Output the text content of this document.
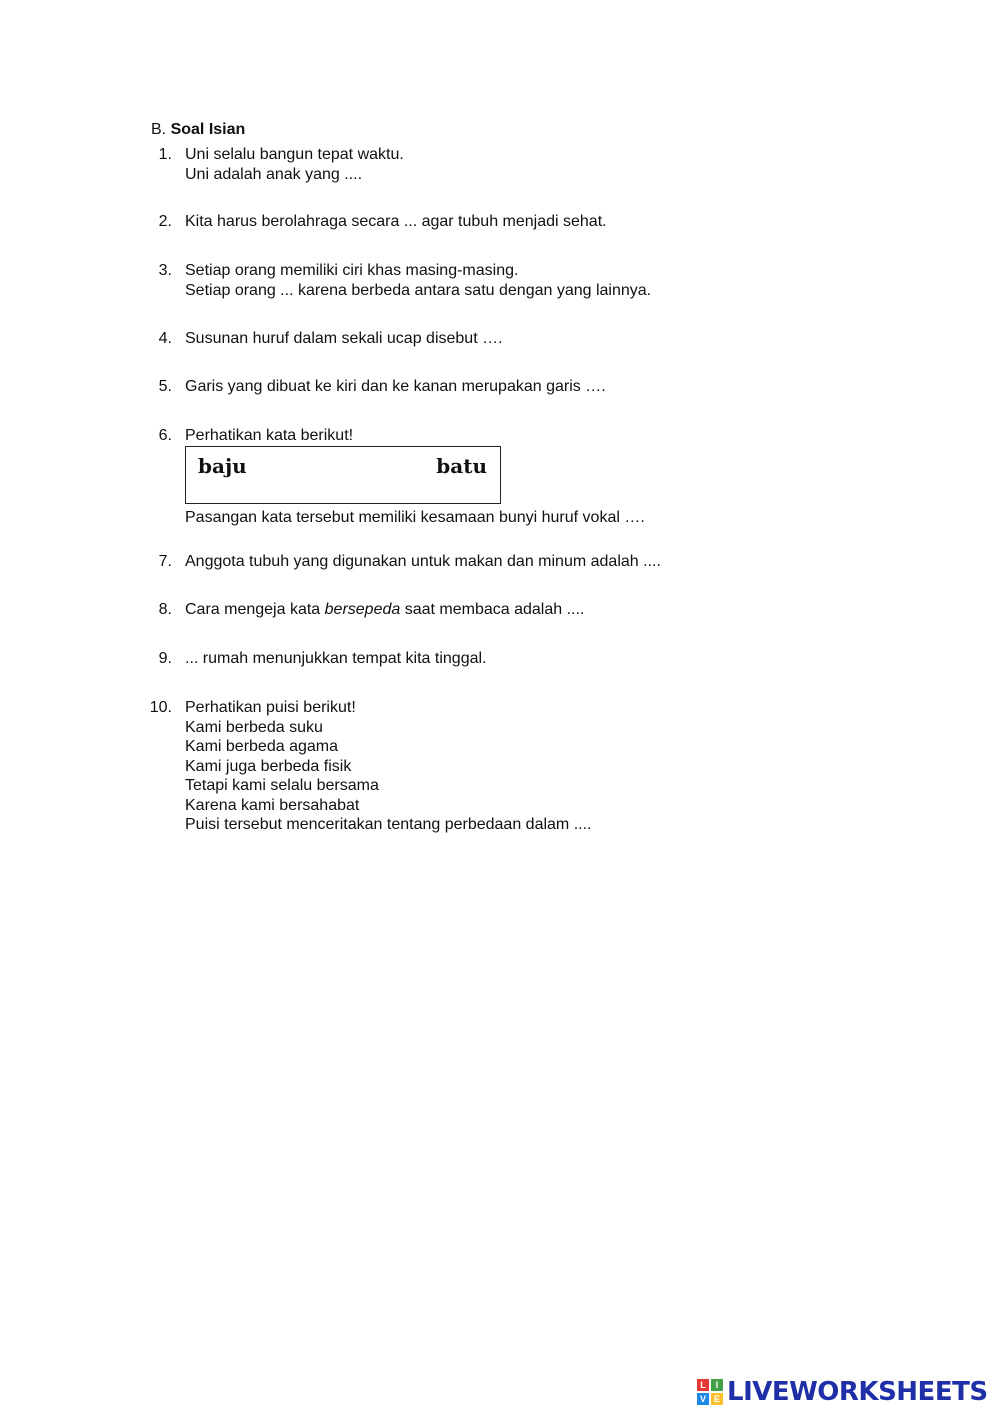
B. Soal Isian
1. Uni selalu bangun tepat waktu.
Uni adalah anak yang ....
2. Kita harus berolahraga secara ... agar tubuh menjadi sehat.
3. Setiap orang memiliki ciri khas masing-masing.
Setiap orang ... karena berbeda antara satu dengan yang lainnya.
4. Susunan huruf dalam sekali ucap disebut ….
5. Garis yang dibuat ke kiri dan ke kanan merupakan garis ….
6. Perhatikan kata berikut!
baju	batu
Pasangan kata tersebut memiliki kesamaan bunyi huruf vokal ….
7. Anggota tubuh yang digunakan untuk makan dan minum adalah ....
8. Cara mengeja kata bersepeda saat membaca adalah ....
9. ... rumah menunjukkan tempat kita tinggal.
10. Perhatikan puisi berikut!
Kami berbeda suku
Kami berbeda agama
Kami juga berbeda fisik
Tetapi kami selalu bersama
Karena kami bersahabat
Puisi tersebut menceritakan tentang perbedaan dalam ....
L	I
V E LIVEWORKSHEETS
